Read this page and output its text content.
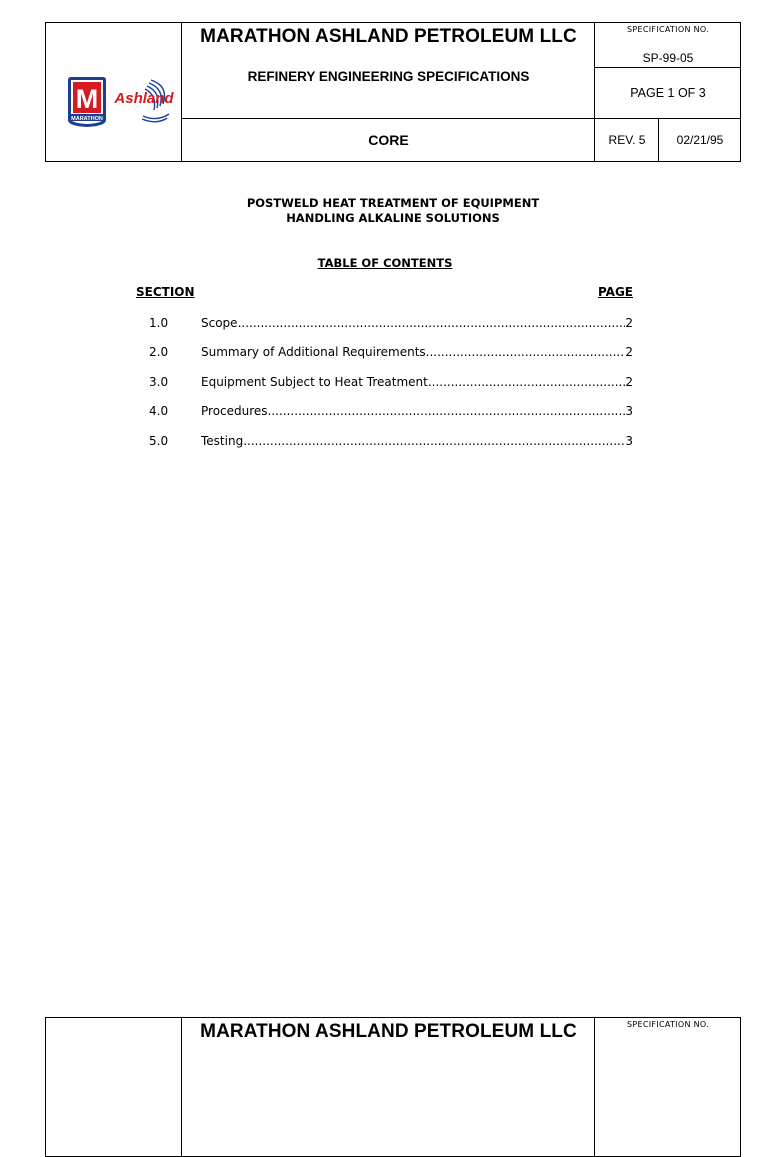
M
MARATHON
Ashland
MARATHON ASHLAND PETROLEUM LLC
REFINERY ENGINEERING SPECIFICATIONS
CORE
SPECIFICATION NO.
SP-99-05
PAGE 1 OF 3
REV. 5	02/21/95
POSTWELD HEAT TREATMENT OF EQUIPMENT
HANDLING ALKALINE SOLUTIONS
TABLE OF CONTENTS
SECTION	PAGE
1.0	Scope .....	2
2.0	Summary of Additional Requirements .....	2
3.0	Equipment Subject to Heat Treatment .....	2
4.0	Procedures .....	3
5.0	Testing .....	3
MARATHON ASHLAND PETROLEUM LLC	SPECIFICATION NO.
